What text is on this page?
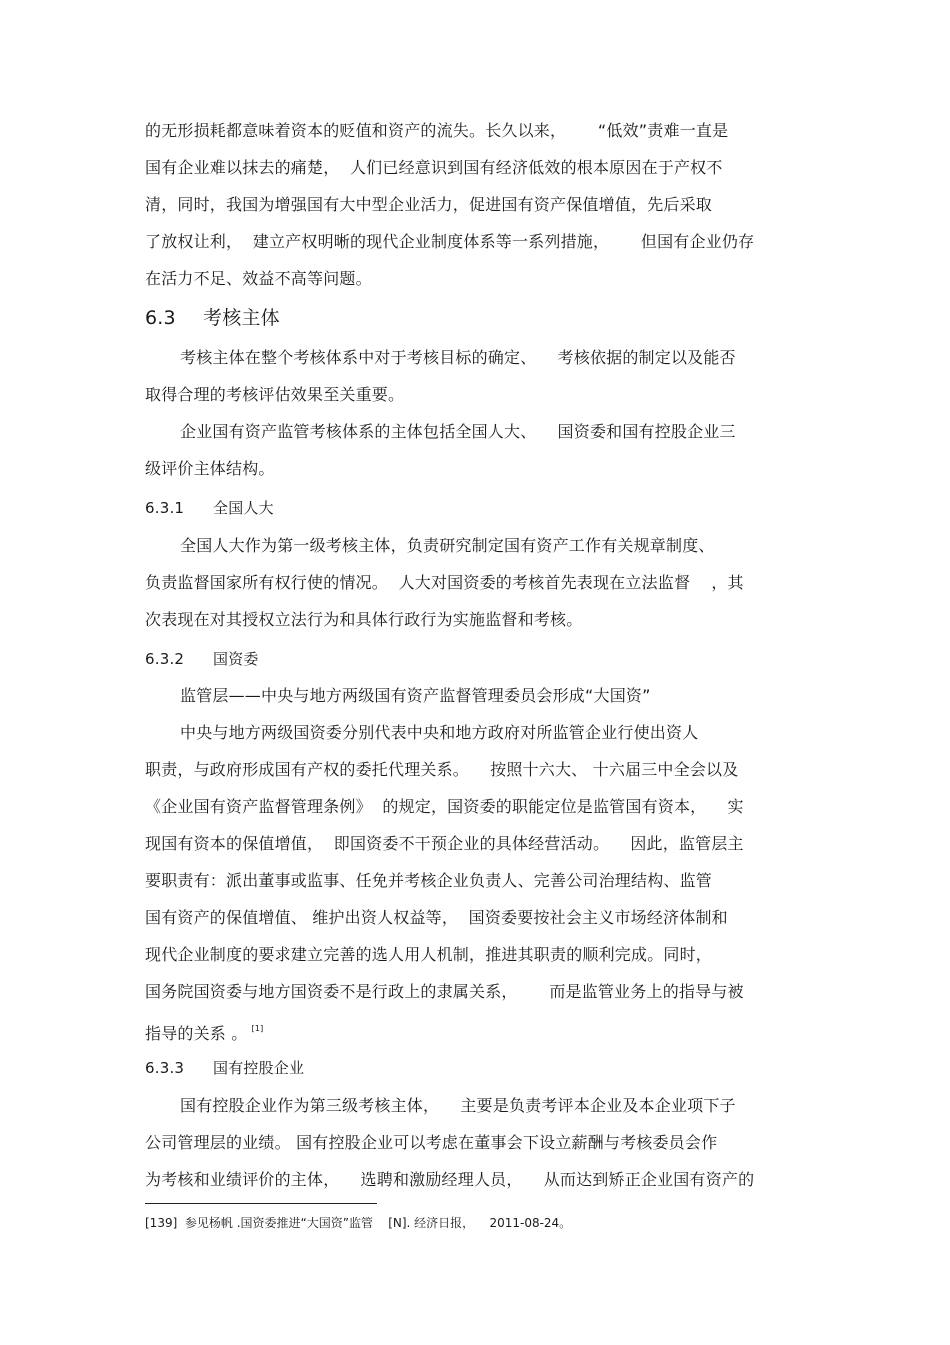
的无形损耗都意味着资本的贬值和资产的流失。长久以来，      “低效”责难一直是
国有企业难以抹去的痛楚，  人们已经意识到国有经济低效的根本原因在于产权不
清，同时，我国为增强国有大中型企业活力，促进国有资产保值增值，先后采取
了放权让利，  建立产权明晰的现代企业制度体系等一系列措施，      但国有企业仍存
在活力不足、效益不高等问题。
6.3 考核主体
考核主体在整个考核体系中对于考核目标的确定、    考核依据的制定以及能否
取得合理的考核评估效果至关重要。
企业国有资产监管考核体系的主体包括全国人大、    国资委和国有控股企业三
级评价主体结构。
6.3.1 全国人大
全国人大作为第一级考核主体，负责研究制定国有资产工作有关规章制度、
负责监督国家所有权行使的情况。  人大对国资委的考核首先表现在立法监督    ，其
次表现在对其授权立法行为和具体行政行为实施监督和考核。
6.3.2 国资委
监管层——中央与地方两级国有资产监督管理委员会形成“大国资”
中央与地方两级国资委分别代表中央和地方政府对所监管企业行使出资人
职责，与政府形成国有产权的委托代理关系。    按照十六大、 十六届三中全会以及
《企业国有资产监督管理条例》  的规定，国资委的职能定位是监管国有资本，    实
现国有资本的保值增值，  即国资委不干预企业的具体经营活动。    因此，监管层主
要职责有：派出董事或监事、任免并考核企业负责人、完善公司治理结构、监管
国有资产的保值增值、 维护出资人权益等，  国资委要按社会主义市场经济体制和
现代企业制度的要求建立完善的选人用人机制，推进其职责的顺利完成。同时，
国务院国资委与地方国资委不是行政上的隶属关系，      而是监管业务上的指导与被
指导的关系 。 [1]
6.3.3 国有控股企业
国有控股企业作为第三级考核主体，    主要是负责考评本企业及本企业项下子
公司管理层的业绩。 国有控股企业可以考虑在董事会下设立薪酬与考核委员会作
为考核和业绩评价的主体，    选聘和激励经理人员，    从而达到矫正企业国有资产的
[139]  参见杨帆 .国资委推进“大国资”监管    [N]. 经济日报，    2011-08-24。
